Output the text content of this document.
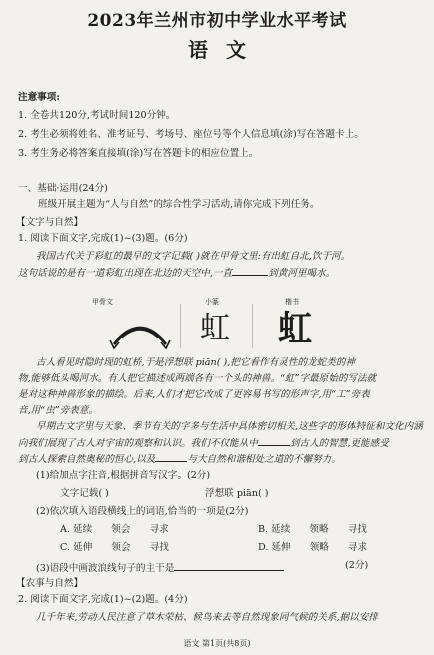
2023年兰州市初中学业水平考试
语文
注意事项:
1. 全卷共120分,考试时间120分钟。
2. 考生必须将姓名、准考证号、考场号、座位号等个人信息填(涂)写在答题卡上。
3. 考生务必将答案直接填(涂)写在答题卡的相应位置上。
一、基础·运用(24分)
班级开展主题为“人与自然”的综合性学习活动,请你完成下列任务。
【文字与自然】
1. 阅读下面文字,完成(1)~(3)题。(6分)
我国古代关于彩虹的最早的文字记载( )就在甲骨文里:有出虹自北,饮于河。
这句话说的是有一道彩虹出现在北边的天空中,一直	到黄河里喝水。
甲骨文	小篆	楷书
虹 虹
古人看见时隐时现的虹桥,于是浮想联 piān( ),把它看作有灵性的龙蛇类的神
物,能够低头喝河水。有人把它描述成两端各有一个头的神兽。“虹”字最原始的写法就
是对这种神兽形象的描绘。后来,人们才把它改成了更容易书写的形声字,用“工”旁表
音,用“虫”旁表意。
早期古文字里与天象、季节有关的字多与生活中具体密切相关,这些字的形体特征和文化内涵
向我们展现了古人对宇宙的观察和认识。我们不仅能从中	到古人的智慧,更能感受
到古人探索自然奥秘的恒心,以及	与大自然和谐相处之道的不懈努力。
(1)给加点字注音,根据拼音写汉字。(2分)
文字记载( )	浮想联 piān( )
(2)依次填入语段横线上的词语,恰当的一项是(2分)
A. 延续 领会 寻求	B. 延续 领略 寻找
C. 延伸 领会 寻找	D. 延伸 领略 寻求
(3)语段中画波浪线句子的主干是	(2分)
【农事与自然】
2. 阅读下面文字,完成(1)~(2)题。(4分)
几千年来,劳动人民注意了草木荣枯、候鸟来去等自然现象同气候的关系,据以安排
语文 第1页(共8页)
